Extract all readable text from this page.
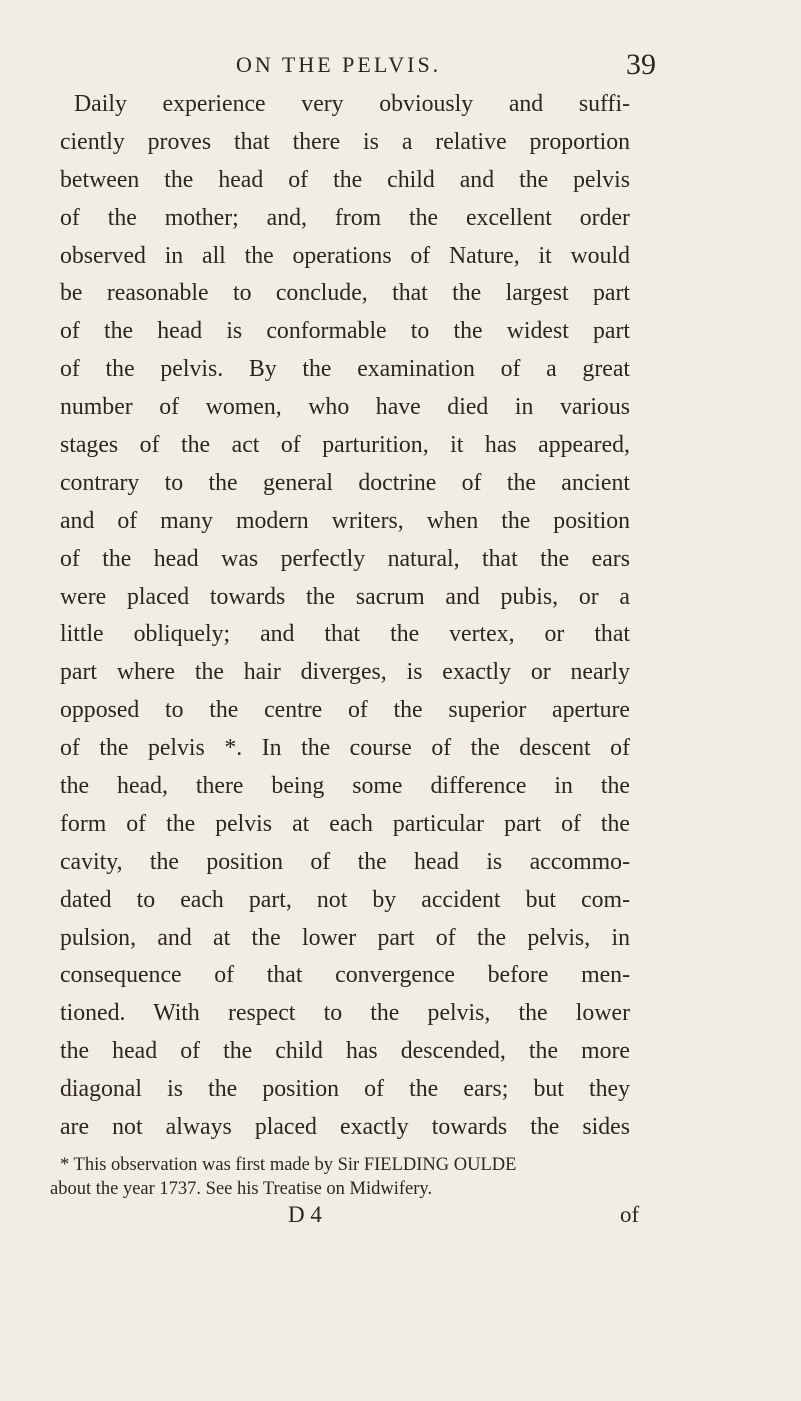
ON THE PELVIS.	39
Daily experience very obviously and suffi-
ciently proves that there is a relative proportion
between the head of the child and the pelvis
of the mother; and, from the excellent order
observed in all the operations of Nature, it would
be reasonable to conclude, that the largest part
of the head is conformable to the widest part
of the pelvis. By the examination of a great
number of women, who have died in various
stages of the act of parturition, it has appeared,
contrary to the general doctrine of the ancient
and of many modern writers, when the position
of the head was perfectly natural, that the ears
were placed towards the sacrum and pubis, or a
little obliquely; and that the vertex, or that
part where the hair diverges, is exactly or nearly
opposed to the centre of the superior aperture
of the pelvis *. In the course of the descent of
the head, there being some difference in the
form of the pelvis at each particular part of the
cavity, the position of the head is accommo-
dated to each part, not by accident but com-
pulsion, and at the lower part of the pelvis, in
consequence of that convergence before men-
tioned. With respect to the pelvis, the lower
the head of the child has descended, the more
diagonal is the position of the ears; but they
are not always placed exactly towards the sides
* This observation was first made by Sir FIELDING OULDE
about the year 1737. See his Treatise on Midwifery.
D 4	of
